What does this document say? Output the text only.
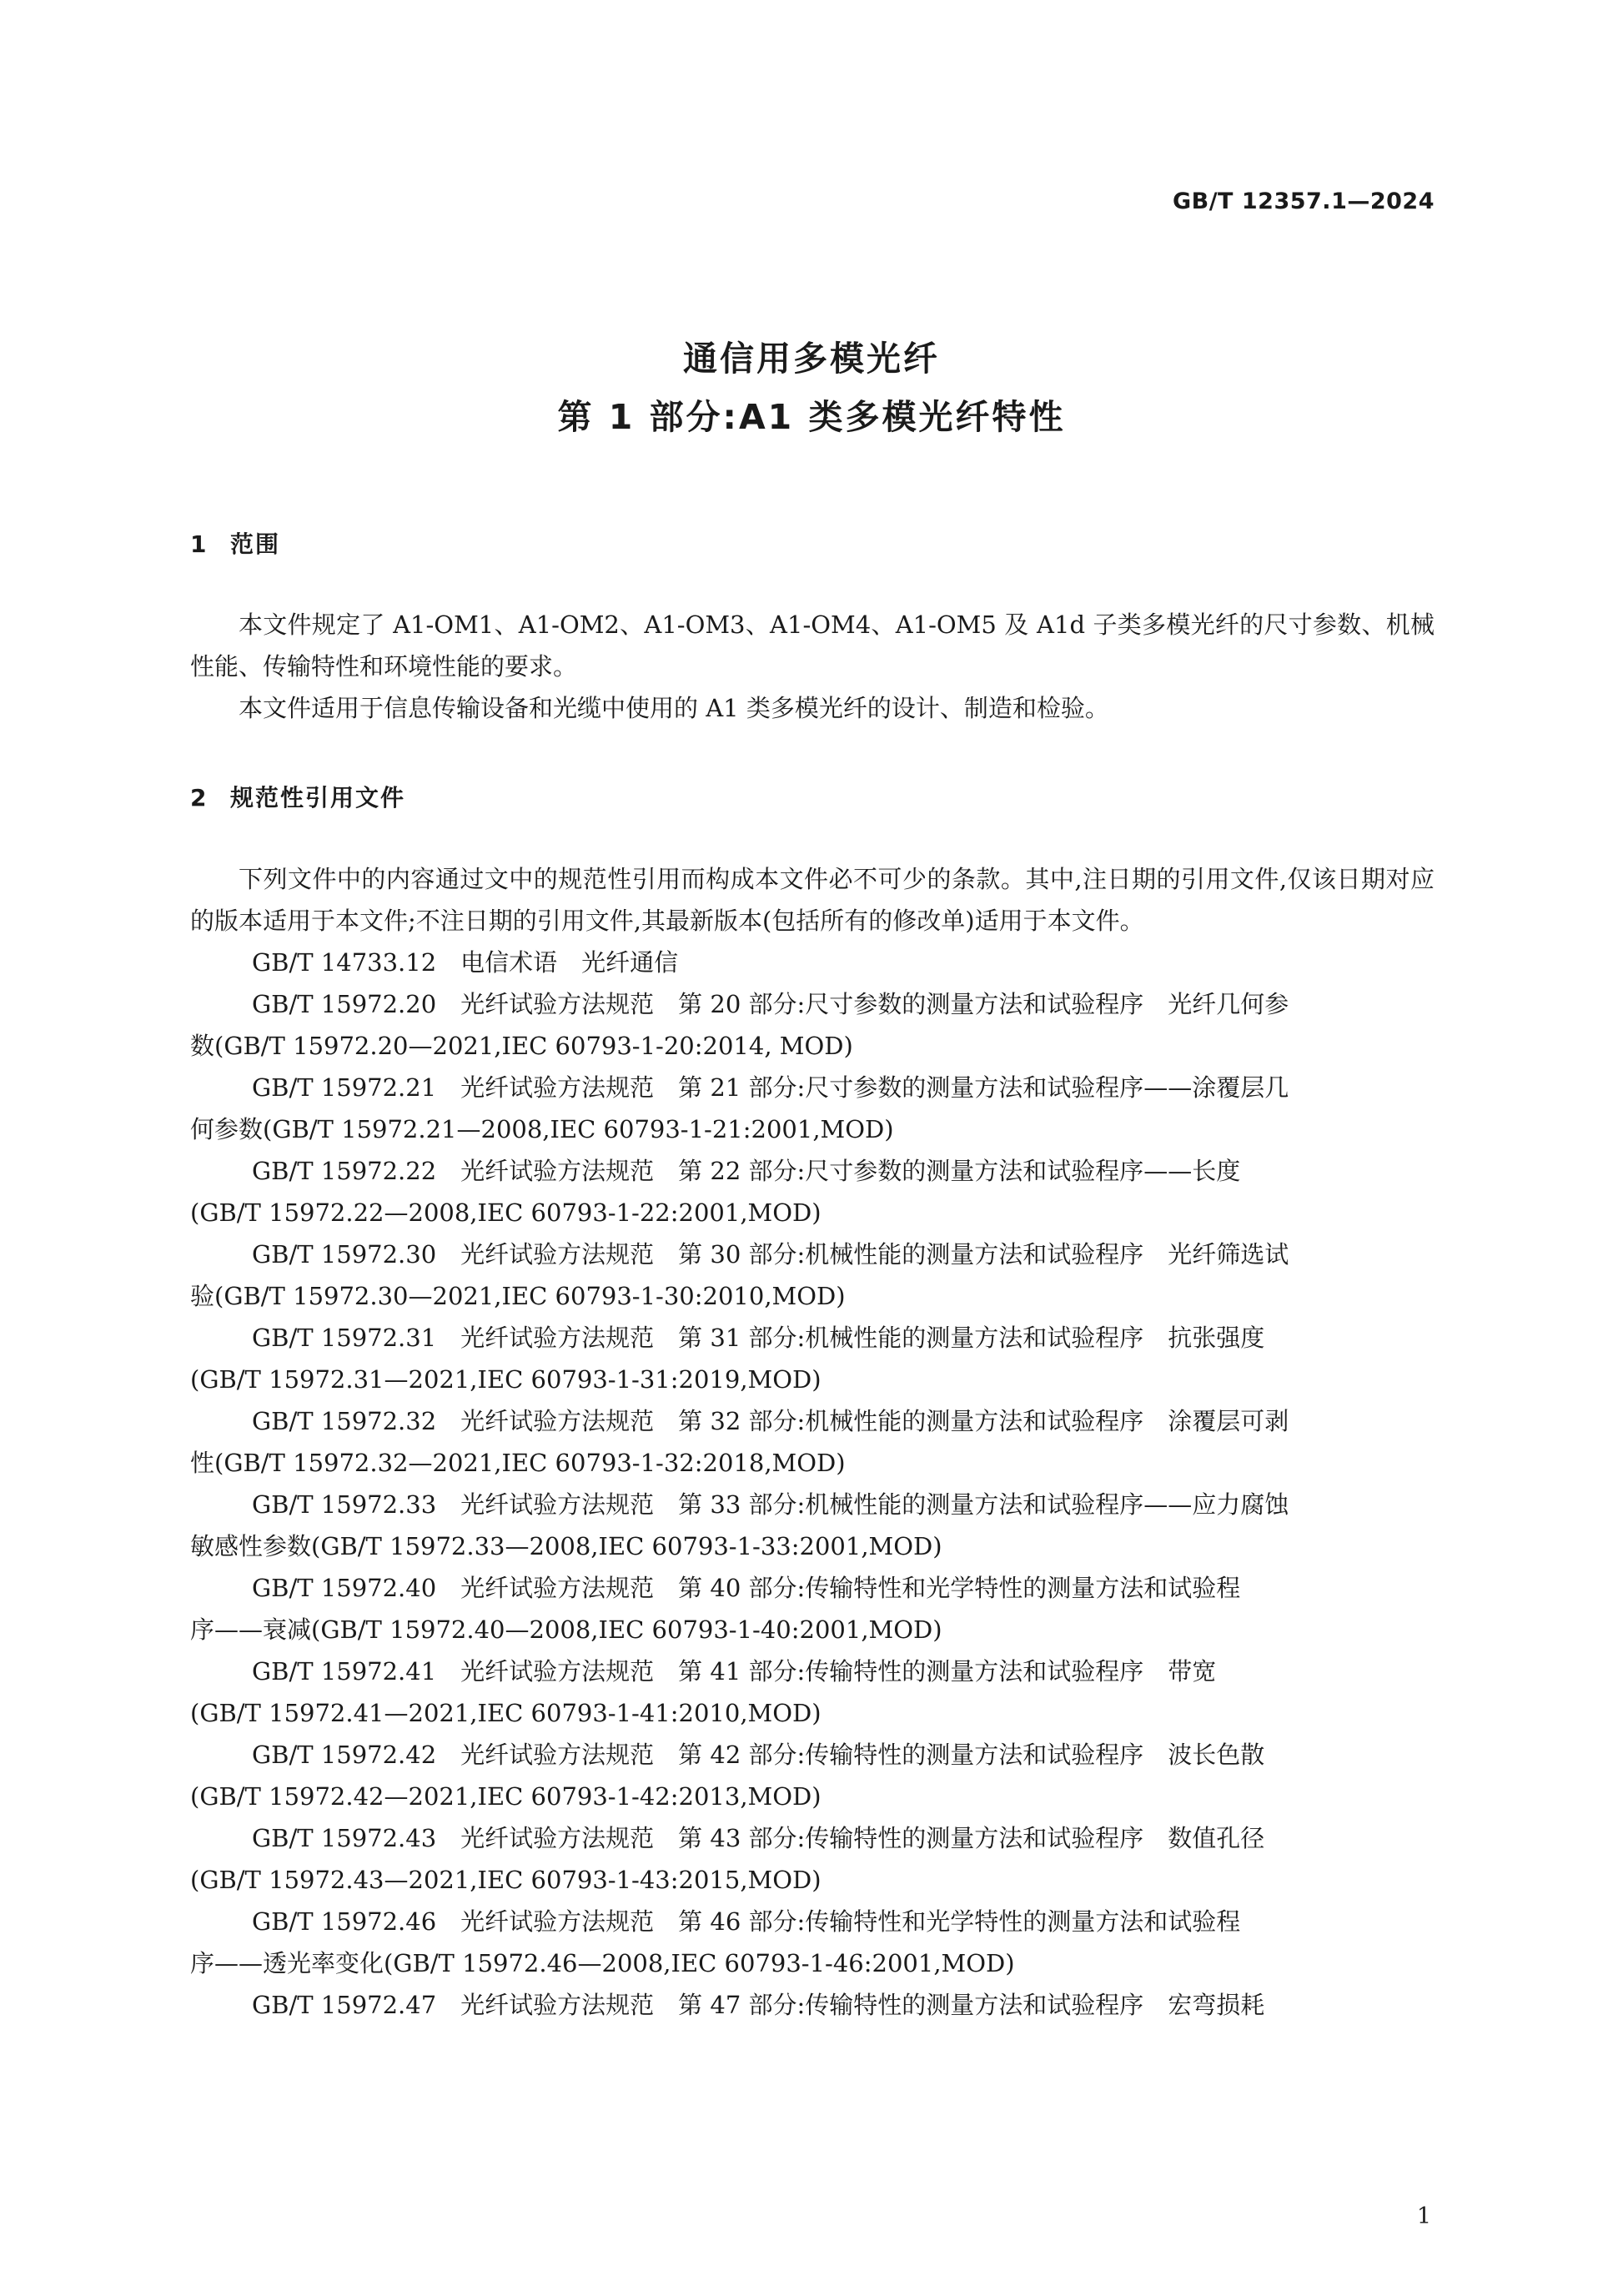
GB/T 12357.1—2024
通信用多模光纤
第 1 部分:A1 类多模光纤特性
1 范围

本文件规定了 A1-OM1、A1-OM2、A1-OM3、A1-OM4、A1-OM5 及 A1d 子类多模光纤的尺寸参数、机械性能、传输特性和环境性能的要求。

本文件适用于信息传输设备和光缆中使用的 A1 类多模光纤的设计、制造和检验。

2 规范性引用文件

下列文件中的内容通过文中的规范性引用而构成本文件必不可少的条款。其中,注日期的引用文件,仅该日期对应的版本适用于本文件;不注日期的引用文件,其最新版本(包括所有的修改单)适用于本文件。

GB/T 14733.12　电信术语　光纤通信

GB/T 15972.20　光纤试验方法规范　第 20 部分:尺寸参数的测量方法和试验程序　光纤几何参
数(GB/T 15972.20—2021,IEC 60793-1-20:2014, MOD)

GB/T 15972.21　光纤试验方法规范　第 21 部分:尺寸参数的测量方法和试验程序——涂覆层几
何参数(GB/T 15972.21—2008,IEC 60793-1-21:2001,MOD)

GB/T 15972.22　光纤试验方法规范　第 22 部分:尺寸参数的测量方法和试验程序——长度
(GB/T 15972.22—2008,IEC 60793-1-22:2001,MOD)

GB/T 15972.30　光纤试验方法规范　第 30 部分:机械性能的测量方法和试验程序　光纤筛选试
验(GB/T 15972.30—2021,IEC 60793-1-30:2010,MOD)

GB/T 15972.31　光纤试验方法规范　第 31 部分:机械性能的测量方法和试验程序　抗张强度
(GB/T 15972.31—2021,IEC 60793-1-31:2019,MOD)

GB/T 15972.32　光纤试验方法规范　第 32 部分:机械性能的测量方法和试验程序　涂覆层可剥
性(GB/T 15972.32—2021,IEC 60793-1-32:2018,MOD)

GB/T 15972.33　光纤试验方法规范　第 33 部分:机械性能的测量方法和试验程序——应力腐蚀
敏感性参数(GB/T 15972.33—2008,IEC 60793-1-33:2001,MOD)

GB/T 15972.40　光纤试验方法规范　第 40 部分:传输特性和光学特性的测量方法和试验程
序——衰减(GB/T 15972.40—2008,IEC 60793-1-40:2001,MOD)

GB/T 15972.41　光纤试验方法规范　第 41 部分:传输特性的测量方法和试验程序　带宽
(GB/T 15972.41—2021,IEC 60793-1-41:2010,MOD)

GB/T 15972.42　光纤试验方法规范　第 42 部分:传输特性的测量方法和试验程序　波长色散
(GB/T 15972.42—2021,IEC 60793-1-42:2013,MOD)

GB/T 15972.43　光纤试验方法规范　第 43 部分:传输特性的测量方法和试验程序　数值孔径
(GB/T 15972.43—2021,IEC 60793-1-43:2015,MOD)

GB/T 15972.46　光纤试验方法规范　第 46 部分:传输特性和光学特性的测量方法和试验程
序——透光率变化(GB/T 15972.46—2008,IEC 60793-1-46:2001,MOD)

GB/T 15972.47　光纤试验方法规范　第 47 部分:传输特性的测量方法和试验程序　宏弯损耗

1
